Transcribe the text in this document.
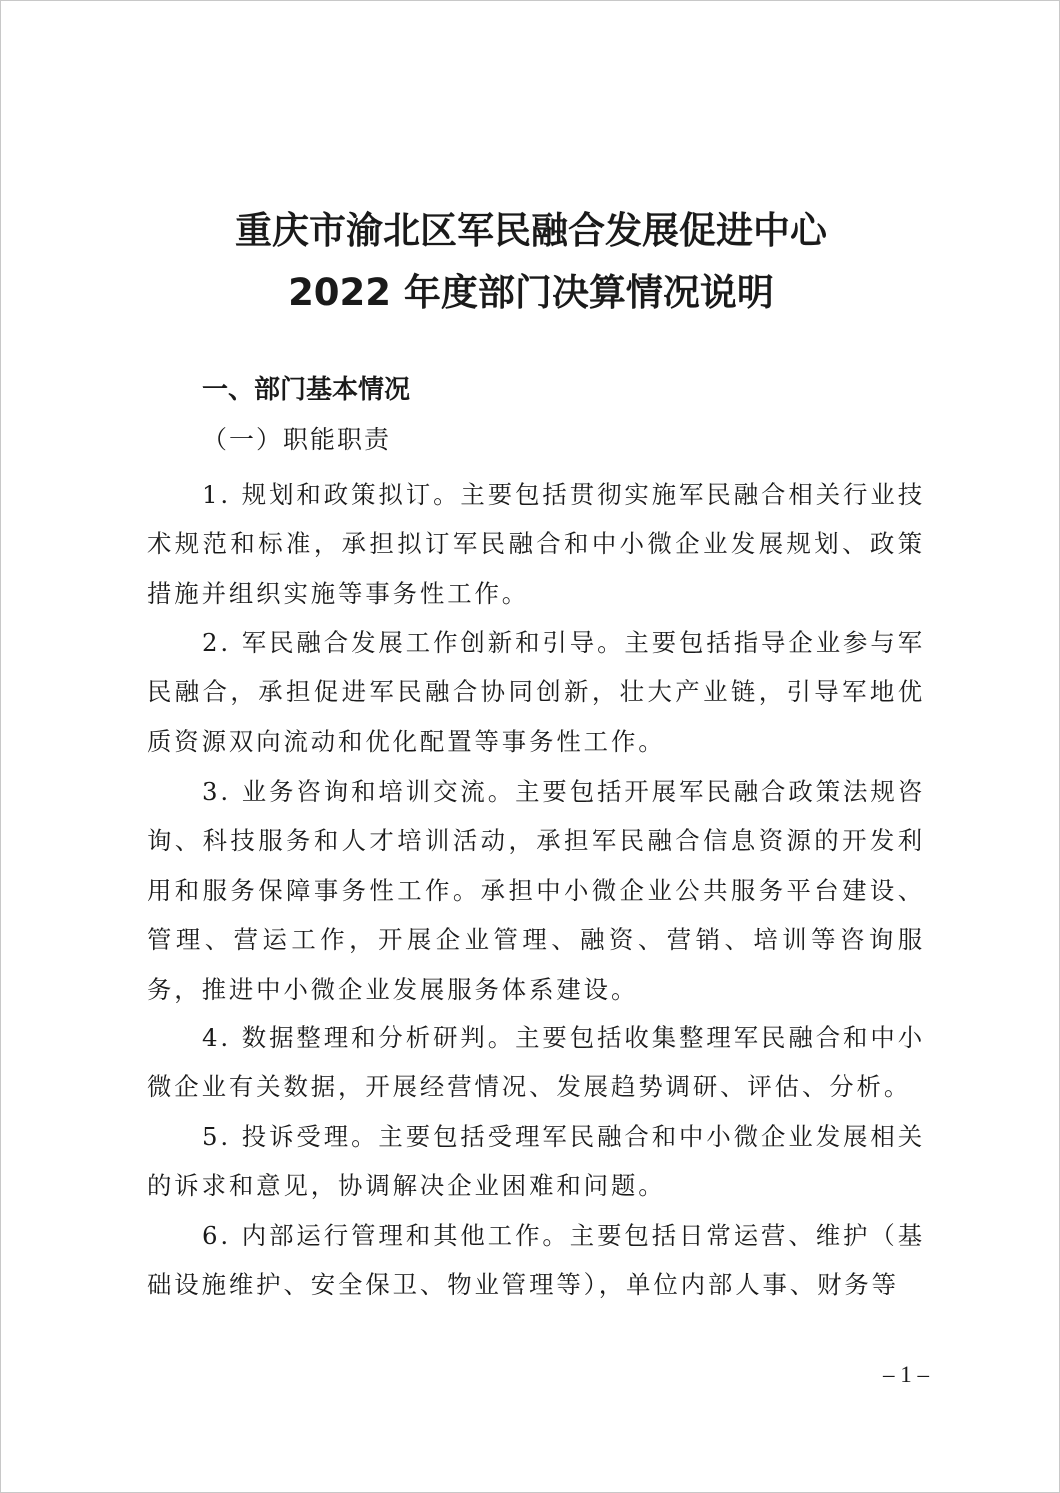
重庆市渝北区军民融合发展促进中心
2022 年度部门决算情况说明
一、部门基本情况
（一）职能职责

1. 规划和政策拟订。主要包括贯彻实施军民融合相关行业技术规范和标准，承担拟订军民融合和中小微企业发展规划、政策措施并组织实施等事务性工作。

2. 军民融合发展工作创新和引导。主要包括指导企业参与军民融合，承担促进军民融合协同创新，壮大产业链，引导军地优质资源双向流动和优化配置等事务性工作。

3. 业务咨询和培训交流。主要包括开展军民融合政策法规咨询、科技服务和人才培训活动，承担军民融合信息资源的开发利用和服务保障事务性工作。承担中小微企业公共服务平台建设、管理、营运工作，开展企业管理、融资、营销、培训等咨询服务，推进中小微企业发展服务体系建设。

4. 数据整理和分析研判。主要包括收集整理军民融合和中小微企业有关数据，开展经营情况、发展趋势调研、评估、分析。

5. 投诉受理。主要包括受理军民融合和中小微企业发展相关的诉求和意见，协调解决企业困难和问题。

6. 内部运行管理和其他工作。主要包括日常运营、维护（基础设施维护、安全保卫、物业管理等），单位内部人事、财务等

– 1 –
